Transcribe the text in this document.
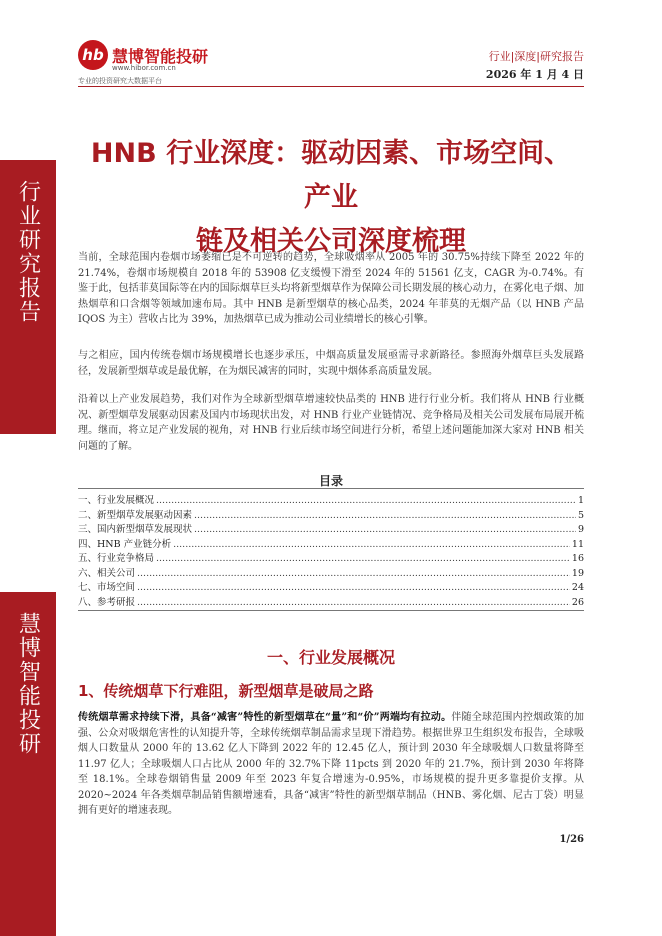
行业研究报告
慧博智能投研
hb 慧博智能投研
www.hibor.com.cn
专业的投资研究大数据平台
行业|深度|研究报告
2026 年 1 月 4 日
HNB 行业深度：驱动因素、市场空间、产业
链及相关公司深度梳理
当前，全球范围内卷烟市场萎缩已是不可逆转的趋势，全球吸烟率从 2005 年的 30.75%持续下降至 2022 年的 21.74%，卷烟市场规模自 2018 年的 53908 亿支缓慢下滑至 2024 年的 51561 亿支，CAGR 为-0.74%。有鉴于此，包括菲莫国际等在内的国际烟草巨头均将新型烟草作为保障公司长期发展的核心动力，在雾化电子烟、加热烟草和口含烟等领域加速布局。其中 HNB 是新型烟草的核心品类，2024 年菲莫的无烟产品（以 HNB 产品 IQOS 为主）营收占比为 39%，加热烟草已成为推动公司业绩增长的核心引擎。
与之相应，国内传统卷烟市场规模增长也逐步承压，中烟高质量发展亟需寻求新路径。参照海外烟草巨头发展路径，发展新型烟草或是最优解，在为烟民减害的同时，实现中烟体系高质量发展。
沿着以上产业发展趋势，我们对作为全球新型烟草增速较快品类的 HNB 进行行业分析。我们将从 HNB 行业概况、新型烟草发展驱动因素及国内市场现状出发，对 HNB 行业产业链情况、竞争格局及相关公司发展布局展开梳理。继而，将立足产业发展的视角，对 HNB 行业后续市场空间进行分析，希望上述问题能加深大家对 HNB 相关问题的了解。
目录
一、行业发展概况 .....	1
二、新型烟草发展驱动因素 .....	5
三、国内新型烟草发展现状 .....	9
四、HNB 产业链分析 .....	11
五、行业竞争格局 .....	16
六、相关公司 .....	19
七、市场空间 .....	24
八、参考研报 .....	26
一、行业发展概况
1、传统烟草下行难阻，新型烟草是破局之路
传统烟草需求持续下滑，具备“减害”特性的新型烟草在“量”和“价”两端均有拉动。伴随全球范围内控烟政策的加强、公众对吸烟危害性的认知提升等，全球传统烟草制品需求呈现下滑趋势。根据世界卫生组织发布报告，全球吸烟人口数量从 2000 年的 13.62 亿人下降到 2022 年的 12.45 亿人，预计到 2030 年全球吸烟人口数量将降至 11.97 亿人；全球吸烟人口占比从 2000 年的 32.7%下降 11pcts 到 2020 年的 21.7%，预计到 2030 年将降至 18.1%。全球卷烟销售量 2009 年至 2023 年复合增速为-0.95%，市场规模的提升更多靠提价支撑。从 2020~2024 年各类烟草制品销售额增速看，具备“减害”特性的新型烟草制品（HNB、雾化烟、尼古丁袋）明显拥有更好的增速表现。
1/26
